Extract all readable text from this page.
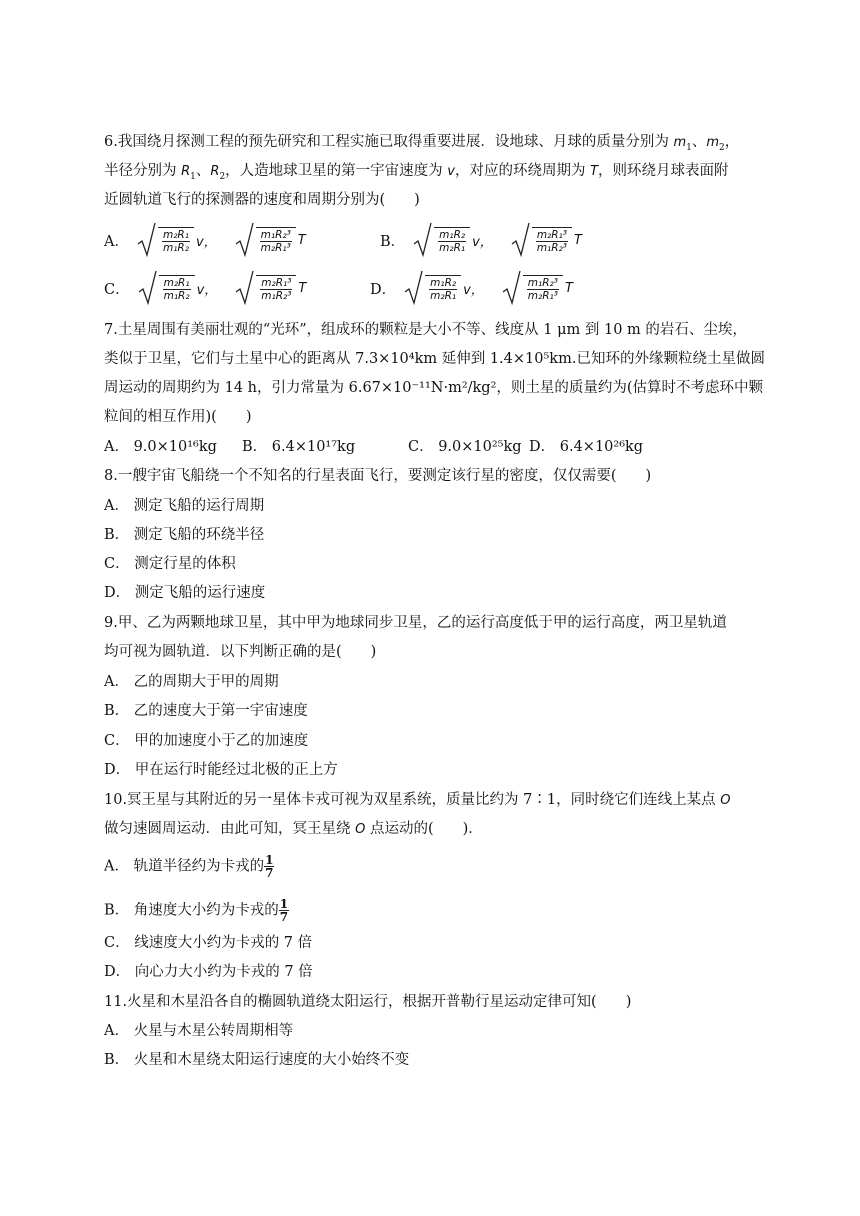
6.我国绕月探测工程的预先研究和工程实施已取得重要进展．设地球、月球的质量分别为 $m_1$、$m_2$，
半径分别为 $R_1$、$R_2$，人造地球卫星的第一宇宙速度为 v，对应的环绕周期为 T，则环绕月球表面附
近圆轨道飞行的探测器的速度和周期分别为(　　)
A．	$\frac{\text{m₂R₁}}{\text{m₁R₂}}$ v，	$\frac{\text{m₁R₂³}}{\text{m₂R₁³}}$ T	B．	$\frac{\text{m₁R₂}}{\text{m₂R₁}}$ v，	$\frac{\text{m₂R₁³}}{\text{m₁R₂³}}$ T
C．	$\frac{\text{m₂R₁}}{\text{m₁R₂}}$ v，	$\frac{\text{m₂R₁³}}{\text{m₁R₂³}}$ T	D．	$\frac{\text{m₁R₂}}{\text{m₂R₁}}$ v，	$\frac{\text{m₁R₂³}}{\text{m₂R₁³}}$ T
7.土星周围有美丽壮观的“光环”，组成环的颗粒是大小不等、线度从 1 μm 到 10 m 的岩石、尘埃，
类似于卫星，它们与土星中心的距离从 7.3×10⁴km 延伸到 1.4×10⁵km.已知环的外缘颗粒绕土星做圆
周运动的周期约为 14 h，引力常量为 6.67×10⁻¹¹N·m²/kg²，则土星的质量约为(估算时不考虑环中颗
粒间的相互作用)(　　)
A． 9.0×10¹⁶kg B． 6.4×10¹⁷kg	C． 9.0×10²⁵kg D． 6.4×10²⁶kg
8.一艘宇宙飞船绕一个不知名的行星表面飞行，要测定该行星的密度，仅仅需要(　　)
A． 测定飞船的运行周期
B． 测定飞船的环绕半径
C． 测定行星的体积
D． 测定飞船的运行速度
9.甲、乙为两颗地球卫星，其中甲为地球同步卫星，乙的运行高度低于甲的运行高度，两卫星轨道
均可视为圆轨道．以下判断正确的是(　　)
A． 乙的周期大于甲的周期
B． 乙的速度大于第一宇宙速度
C． 甲的加速度小于乙的加速度
D． 甲在运行时能经过北极的正上方
10.冥王星与其附近的另一星体卡戎可视为双星系统，质量比约为 7∶1，同时绕它们连线上某点 O
做匀速圆周运动．由此可知，冥王星绕 O 点运动的(　　)．
A． 轨道半径约为卡戎的 $\frac{1}{7}$
B． 角速度大小约为卡戎的 $\frac{1}{7}$
C． 线速度大小约为卡戎的 7 倍
D． 向心力大小约为卡戎的 7 倍
11.火星和木星沿各自的椭圆轨道绕太阳运行，根据开普勒行星运动定律可知(　　)
A． 火星与木星公转周期相等
B． 火星和木星绕太阳运行速度的大小始终不变
